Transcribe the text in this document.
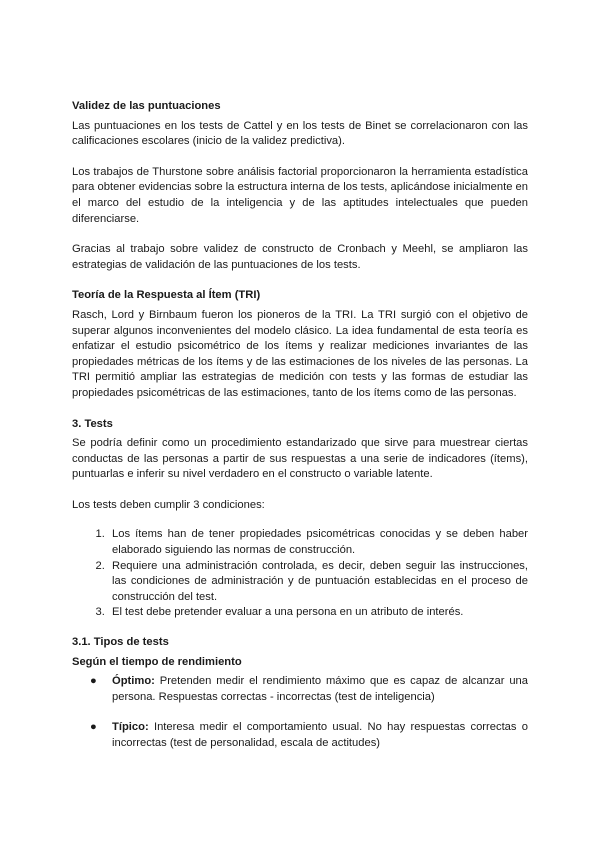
Validez de las puntuaciones

Las puntuaciones en los tests de Cattel y en los tests de Binet se correlacionaron con las calificaciones escolares (inicio de la validez predictiva).

Los trabajos de Thurstone sobre análisis factorial proporcionaron la herramienta estadística para obtener evidencias sobre la estructura interna de los tests, aplicándose inicialmente en el marco del estudio de la inteligencia y de las aptitudes intelectuales que pueden diferenciarse.

Gracias al trabajo sobre validez de constructo de Cronbach y Meehl, se ampliaron las estrategias de validación de las puntuaciones de los tests.

Teoría de la Respuesta al Ítem (TRI)

Rasch, Lord y Birnbaum fueron los pioneros de la TRI. La TRI surgió con el objetivo de superar algunos inconvenientes del modelo clásico. La idea fundamental de esta teoría es enfatizar el estudio psicométrico de los ítems y realizar mediciones invariantes de las propiedades métricas de los ítems y de las estimaciones de los niveles de las personas. La TRI permitió ampliar las estrategias de medición con tests y las formas de estudiar las propiedades psicométricas de las estimaciones, tanto de los ítems como de las personas.

3. Tests

Se podría definir como un procedimiento estandarizado que sirve para muestrear ciertas conductas de las personas a partir de sus respuestas a una serie de indicadores (ítems), puntuarlas e inferir su nivel verdadero en el constructo o variable latente.

Los tests deben cumplir 3 condiciones:

1. Los ítems han de tener propiedades psicométricas conocidas y se deben haber elaborado siguiendo las normas de construcción.
2. Requiere una administración controlada, es decir, deben seguir las instrucciones, las condiciones de administración y de puntuación establecidas en el proceso de construcción del test.
3. El test debe pretender evaluar a una persona en un atributo de interés.
3.1. Tipos de tests
Según el tiempo de rendimiento
● Óptimo: Pretenden medir el rendimiento máximo que es capaz de alcanzar una persona. Respuestas correctas - incorrectas (test de inteligencia)
● Típico: Interesa medir el comportamiento usual. No hay respuestas correctas o incorrectas (test de personalidad, escala de actitudes)
